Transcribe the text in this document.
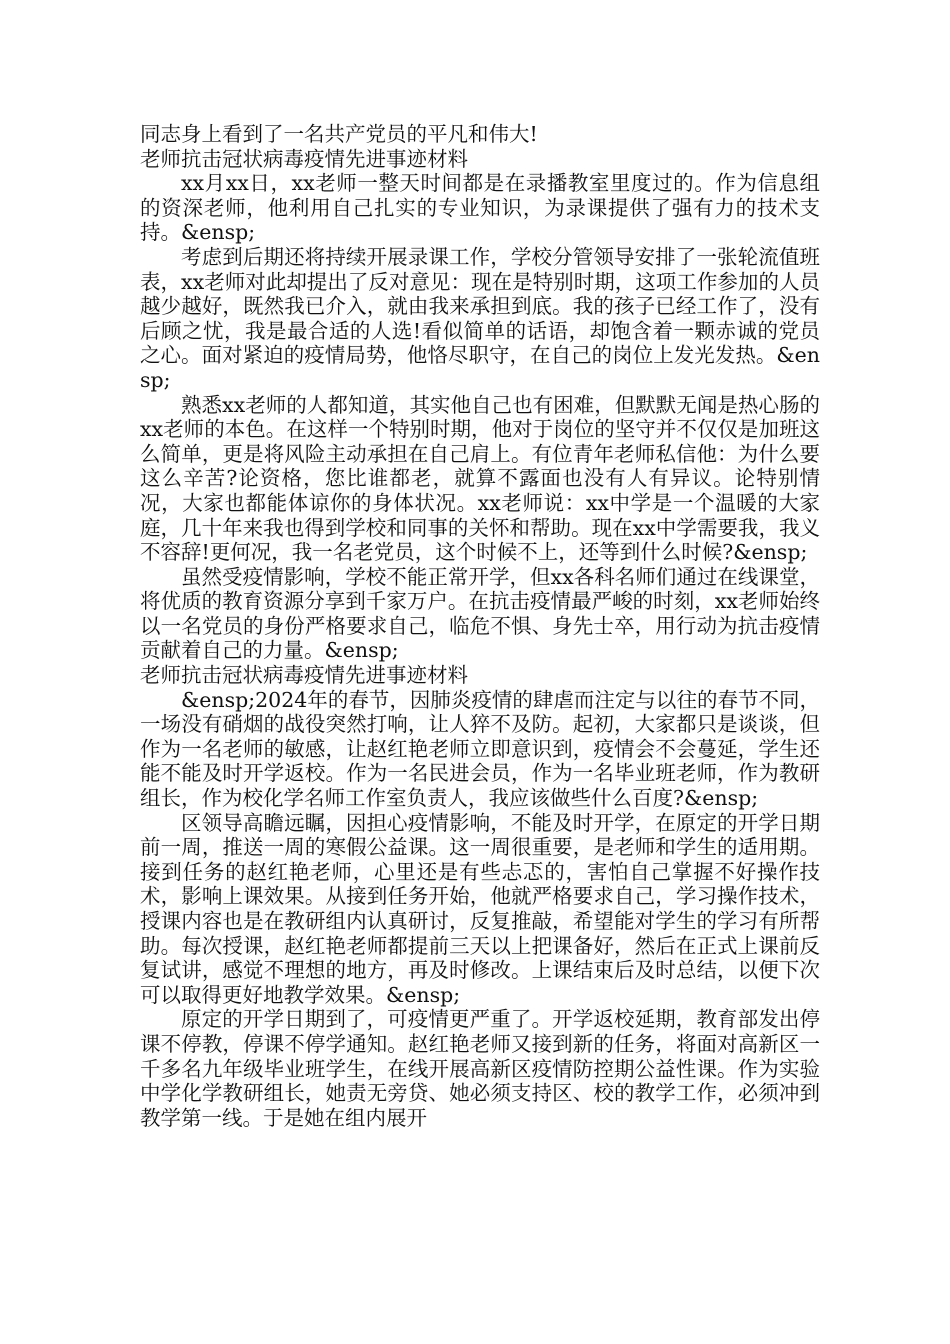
同志身上看到了一名共产党员的平凡和伟大!

老师抗击冠状病毒疫情先进事迹材料

xx月xx日，xx老师一整天时间都是在录播教室里度过的。作为信息组的资深老师，他利用自己扎实的专业知识，为录课提供了强有力的技术支持。&ensp;

考虑到后期还将持续开展录课工作，学校分管领导安排了一张轮流值班表，xx老师对此却提出了反对意见：现在是特别时期，这项工作参加的人员越少越好，既然我已介入，就由我来承担到底。我的孩子已经工作了，没有后顾之忧，我是最合适的人选!看似简单的话语，却饱含着一颗赤诚的党员之心。面对紧迫的疫情局势，他恪尽职守，在自己的岗位上发光发热。&ensp;

熟悉xx老师的人都知道，其实他自己也有困难，但默默无闻是热心肠的xx老师的本色。在这样一个特别时期，他对于岗位的坚守并不仅仅是加班这么简单，更是将风险主动承担在自己肩上。有位青年老师私信他：为什么要这么辛苦?论资格，您比谁都老，就算不露面也没有人有异议。论特别情况，大家也都能体谅你的身体状况。xx老师说：xx中学是一个温暖的大家庭，几十年来我也得到学校和同事的关怀和帮助。现在xx中学需要我，我义不容辞!更何况，我一名老党员，这个时候不上，还等到什么时候?&ensp;

虽然受疫情影响，学校不能正常开学，但xx各科名师们通过在线课堂，将优质的教育资源分享到千家万户。在抗击疫情最严峻的时刻，xx老师始终以一名党员的身份严格要求自己，临危不惧、身先士卒，用行动为抗击疫情贡献着自己的力量。&ensp;

老师抗击冠状病毒疫情先进事迹材料

&ensp;2024年的春节，因肺炎疫情的肆虐而注定与以往的春节不同，一场没有硝烟的战役突然打响，让人猝不及防。起初，大家都只是谈谈，但作为一名老师的敏感，让赵红艳老师立即意识到，疫情会不会蔓延，学生还能不能及时开学返校。作为一名民进会员，作为一名毕业班老师，作为教研组长，作为校化学名师工作室负责人，我应该做些什么百度?&ensp;

区领导高瞻远瞩，因担心疫情影响，不能及时开学，在原定的开学日期前一周，推送一周的寒假公益课。这一周很重要，是老师和学生的适用期。接到任务的赵红艳老师，心里还是有些忐忑的，害怕自己掌握不好操作技术，影响上课效果。从接到任务开始，他就严格要求自己，学习操作技术，授课内容也是在教研组内认真研讨，反复推敲，希望能对学生的学习有所帮助。每次授课，赵红艳老师都提前三天以上把课备好，然后在正式上课前反复试讲，感觉不理想的地方，再及时修改。上课结束后及时总结，以便下次可以取得更好地教学效果。&ensp;

原定的开学日期到了，可疫情更严重了。开学返校延期，教育部发出停课不停教，停课不停学通知。赵红艳老师又接到新的任务，将面对高新区一千多名九年级毕业班学生，在线开展高新区疫情防控期公益性课。作为实验中学化学教研组长，她责无旁贷、她必须支持区、校的教学工作，必须冲到教学第一线。于是她在组内展开
